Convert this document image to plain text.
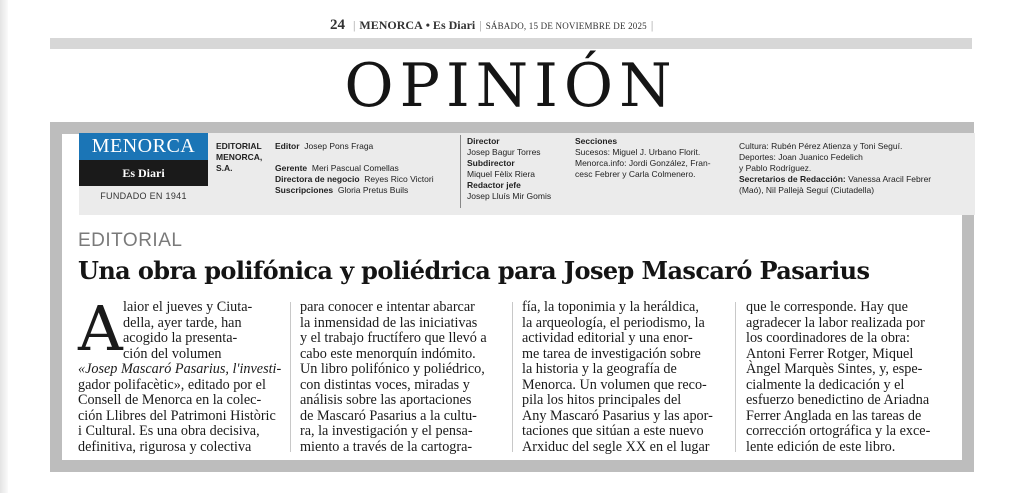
24 | MENORCA • Es Diari | SÁBADO, 15 DE NOVIEMBRE DE 2025 |
OPINIÓN
MENORCA
Es Diari
FUNDADO EN 1941
EDITORIAL
MENORCA,
S.A.
Editor Josep Pons Fraga
Gerente Meri Pascual Comellas
Directora de negocio Reyes Rico Victori
Suscripciones Gloria Pretus Buils
Director
Josep Bagur Torres
Subdirector
Miquel Fèlix Riera
Redactor jefe
Josep Lluís Mir Gomis
Secciones
Sucesos: Miguel J. Urbano Florit.
Menorca.info: Jordi González, Fran-
cesc Febrer y Carla Colmenero.
Cultura: Rubén Pérez Atienza y Toni Seguí.
Deportes: Joan Juanico Fedelich
y Pablo Rodríguez.
Secretarios de Redacción: Vanessa Aracil Febrer
(Maó), Nil Pallejà Seguí (Ciutadella)
EDITORIAL
Una obra polifónica y poliédrica para Josep Mascaró Pasarius
A laior el jueves y Ciuta-
della, ayer tarde, han
acogido la presenta-
ción del volumen
«Josep Mascaró Pasarius, l'investi-
gador polifacètic», editado por el
Consell de Menorca en la colec-
ción Llibres del Patrimoni Històric
i Cultural. Es una obra decisiva,
definitiva, rigurosa y colectiva
para conocer e intentar abarcar
la inmensidad de las iniciativas
y el trabajo fructífero que llevó a
cabo este menorquín indómito.
Un libro polifónico y poliédrico,
con distintas voces, miradas y
análisis sobre las aportaciones
de Mascaró Pasarius a la cultu-
ra, la investigación y el pensa-
miento a través de la cartogra-
fía, la toponimia y la heráldica,
la arqueología, el periodismo, la
actividad editorial y una enor-
me tarea de investigación sobre
la historia y la geografía de
Menorca. Un volumen que reco-
pila los hitos principales del
Any Mascaró Pasarius y las apor-
taciones que sitúan a este nuevo
Arxiduc del segle XX en el lugar
que le corresponde. Hay que
agradecer la labor realizada por
los coordinadores de la obra:
Antoni Ferrer Rotger, Miquel
Àngel Marquès Sintes, y, espe-
cialmente la dedicación y el
esfuerzo benedictino de Ariadna
Ferrer Anglada en las tareas de
corrección ortográfica y la exce-
lente edición de este libro.
